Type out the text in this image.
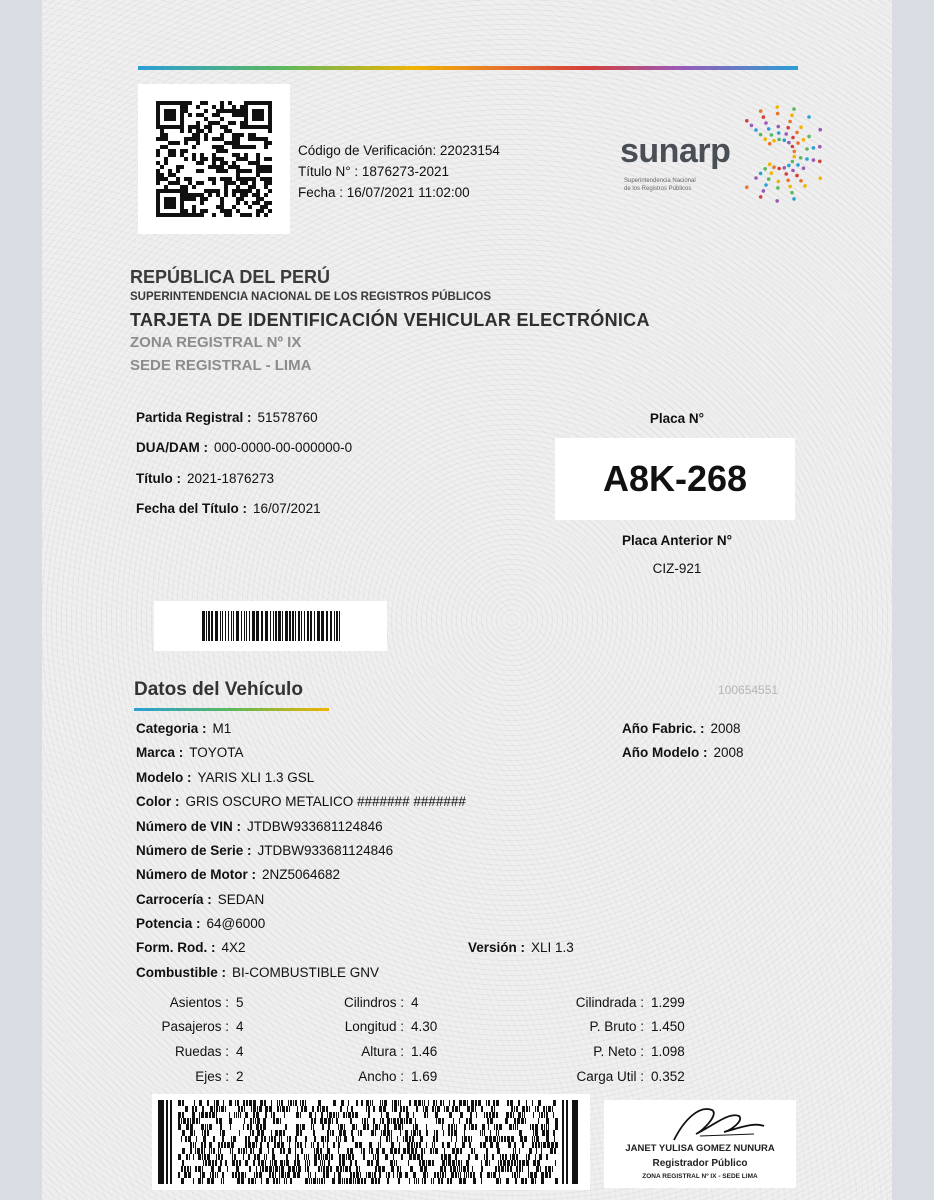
Código de Verificación: 22023154
Título N° : 1876273-2021
Fecha : 16/07/2021 11:02:00
sunarp
Superintendencia Nacional
de los Registros Públicos
REPÚBLICA DEL PERÚ
SUPERINTENDENCIA NACIONAL DE LOS REGISTROS PÚBLICOS
TARJETA DE IDENTIFICACIÓN VEHICULAR ELECTRÓNICA
ZONA REGISTRAL Nº IX
SEDE REGISTRAL - LIMA
Partida Registral : 51578760
DUA/DAM : 000-0000-00-000000-0
Título : 2021-1876273
Fecha del Título : 16/07/2021
Placa N°
A8K-268
Placa Anterior N°
CIZ-921
Datos del Vehículo	100654551
Categoria : M1
Marca : TOYOTA
Modelo : YARIS XLI 1.3 GSL
Color : GRIS OSCURO METALICO ####### #######
Número de VIN : JTDBW933681124846
Número de Serie : JTDBW933681124846
Número de Motor : 2NZ5064682
Carrocería : SEDAN
Potencia : 64@6000
Form. Rod. : 4X2	Versión : XLI 1.3
Combustible : BI-COMBUSTIBLE GNV
Año Fabric. : 2008
Año Modelo : 2008
Asientos : 5
Pasajeros : 4
Ruedas : 4
Ejes : 2
Cilindros : 4
Longitud : 4.30
Altura : 1.46
Ancho : 1.69
Cilindrada : 1.299
P. Bruto : 1.450
P. Neto : 1.098
Carga Util : 0.352
JANET YULISA GOMEZ NUNURA
Registrador Público
ZONA REGISTRAL Nº IX - SEDE LIMA
